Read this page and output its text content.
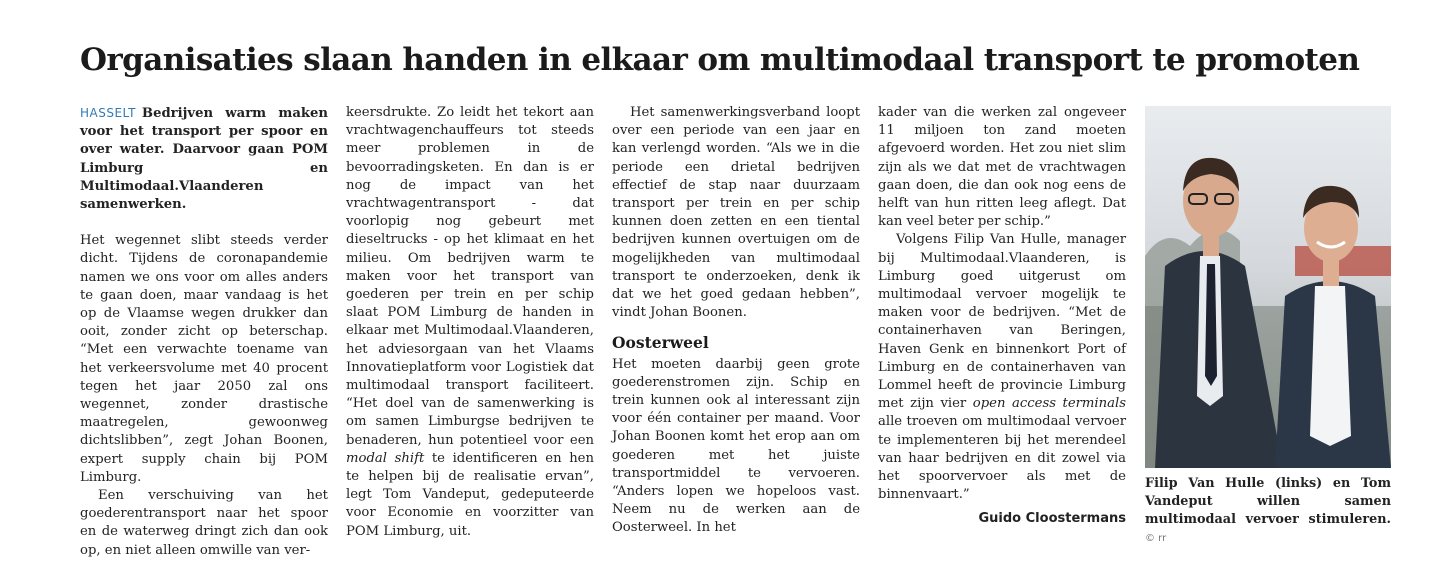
Organisaties slaan handen in elkaar om multimodaal transport te promoten

HASSELT Bedrijven warm maken voor het transport per spoor en over water. Daarvoor gaan POM Limburg en Multimodaal.Vlaanderen samenwerken.

Het wegennet slibt steeds verder dicht. Tijdens de coronapandemie namen we ons voor om alles anders te gaan doen, maar vandaag is het op de Vlaamse wegen drukker dan ooit, zonder zicht op beterschap. “Met een verwachte toename van het verkeersvolume met 40 procent tegen het jaar 2050 zal ons wegennet, zonder drastische maatregelen, gewoonweg dichtslibben”, zegt Johan Boonen, expert supply chain bij POM Limburg.

Een verschuiving van het goederentransport naar het spoor en de waterweg dringt zich dan ook op, en niet alleen omwille van ver-

keersdrukte. Zo leidt het tekort aan vrachtwagenchauffeurs tot steeds meer problemen in de bevoorradingsketen. En dan is er nog de impact van het vrachtwagentransport - dat voorlopig nog gebeurt met dieseltrucks - op het klimaat en het milieu. Om bedrijven warm te maken voor het transport van goederen per trein en per schip slaat POM Limburg de handen in elkaar met Multimodaal.Vlaanderen, het adviesorgaan van het Vlaams Innovatieplatform voor Logistiek dat multimodaal transport faciliteert. “Het doel van de samenwerking is om samen Limburgse bedrijven te benaderen, hun potentieel voor een modal shift te identificeren en hen te helpen bij de realisatie ervan”, legt Tom Vandeput, gedeputeerde voor Economie en voorzitter van POM Limburg, uit.

Het samenwerkingsverband loopt over een periode van een jaar en kan verlengd worden. “Als we in die periode een drietal bedrijven effectief de stap naar duurzaam transport per trein en per schip kunnen doen zetten en een tiental bedrijven kunnen overtuigen om de mogelijkheden van multimodaal transport te onderzoeken, denk ik dat we het goed gedaan hebben”, vindt Johan Boonen.

Oosterweel

Het moeten daarbij geen grote goederenstromen zijn. Schip en trein kunnen ook al interessant zijn voor één container per maand. Voor Johan Boonen komt het erop aan om goederen met het juiste transportmiddel te vervoeren. “Anders lopen we hopeloos vast. Neem nu de werken aan de Oosterweel. In het

kader van die werken zal ongeveer 11 miljoen ton zand moeten afgevoerd worden. Het zou niet slim zijn als we dat met de vrachtwagen gaan doen, die dan ook nog eens de helft van hun ritten leeg aflegt. Dat kan veel beter per schip.”

Volgens Filip Van Hulle, manager bij Multimodaal.Vlaanderen, is Limburg goed uitgerust om multimodaal vervoer mogelijk te maken voor de bedrijven. “Met de containerhaven van Beringen, Haven Genk en binnenkort Port of Limburg en de containerhaven van Lommel heeft de provincie Limburg met zijn vier open access terminals alle troeven om multimodaal vervoer te implementeren bij het merendeel van haar bedrijven en dit zowel via het spoorvervoer als met de binnenvaart.”

Guido Cloostermans
Filip Van Hulle (links) en Tom Vandeput willen samen multimodaal vervoer stimuleren. © rr
